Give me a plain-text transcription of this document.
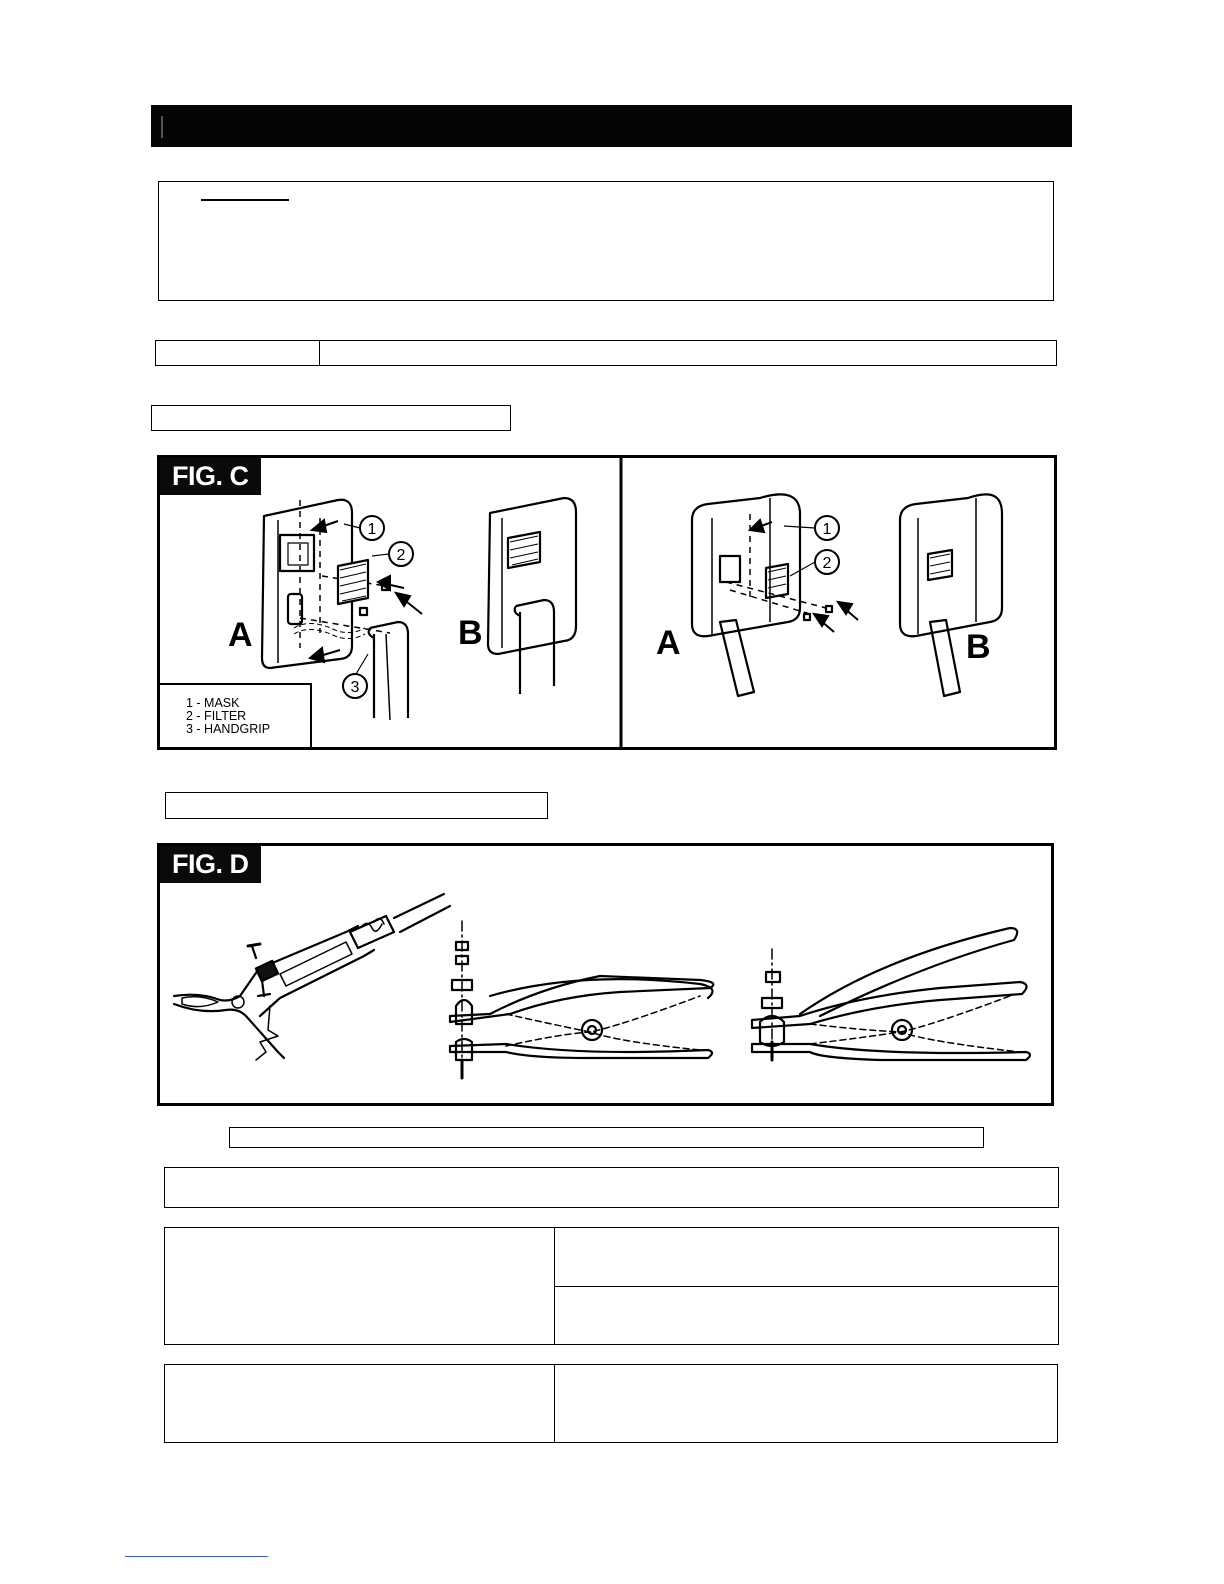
FIG. C
1
2
3
1
2
A	B	A	B
1 - MASK
2 - FILTER
3 - HANDGRIP
FIG. D
